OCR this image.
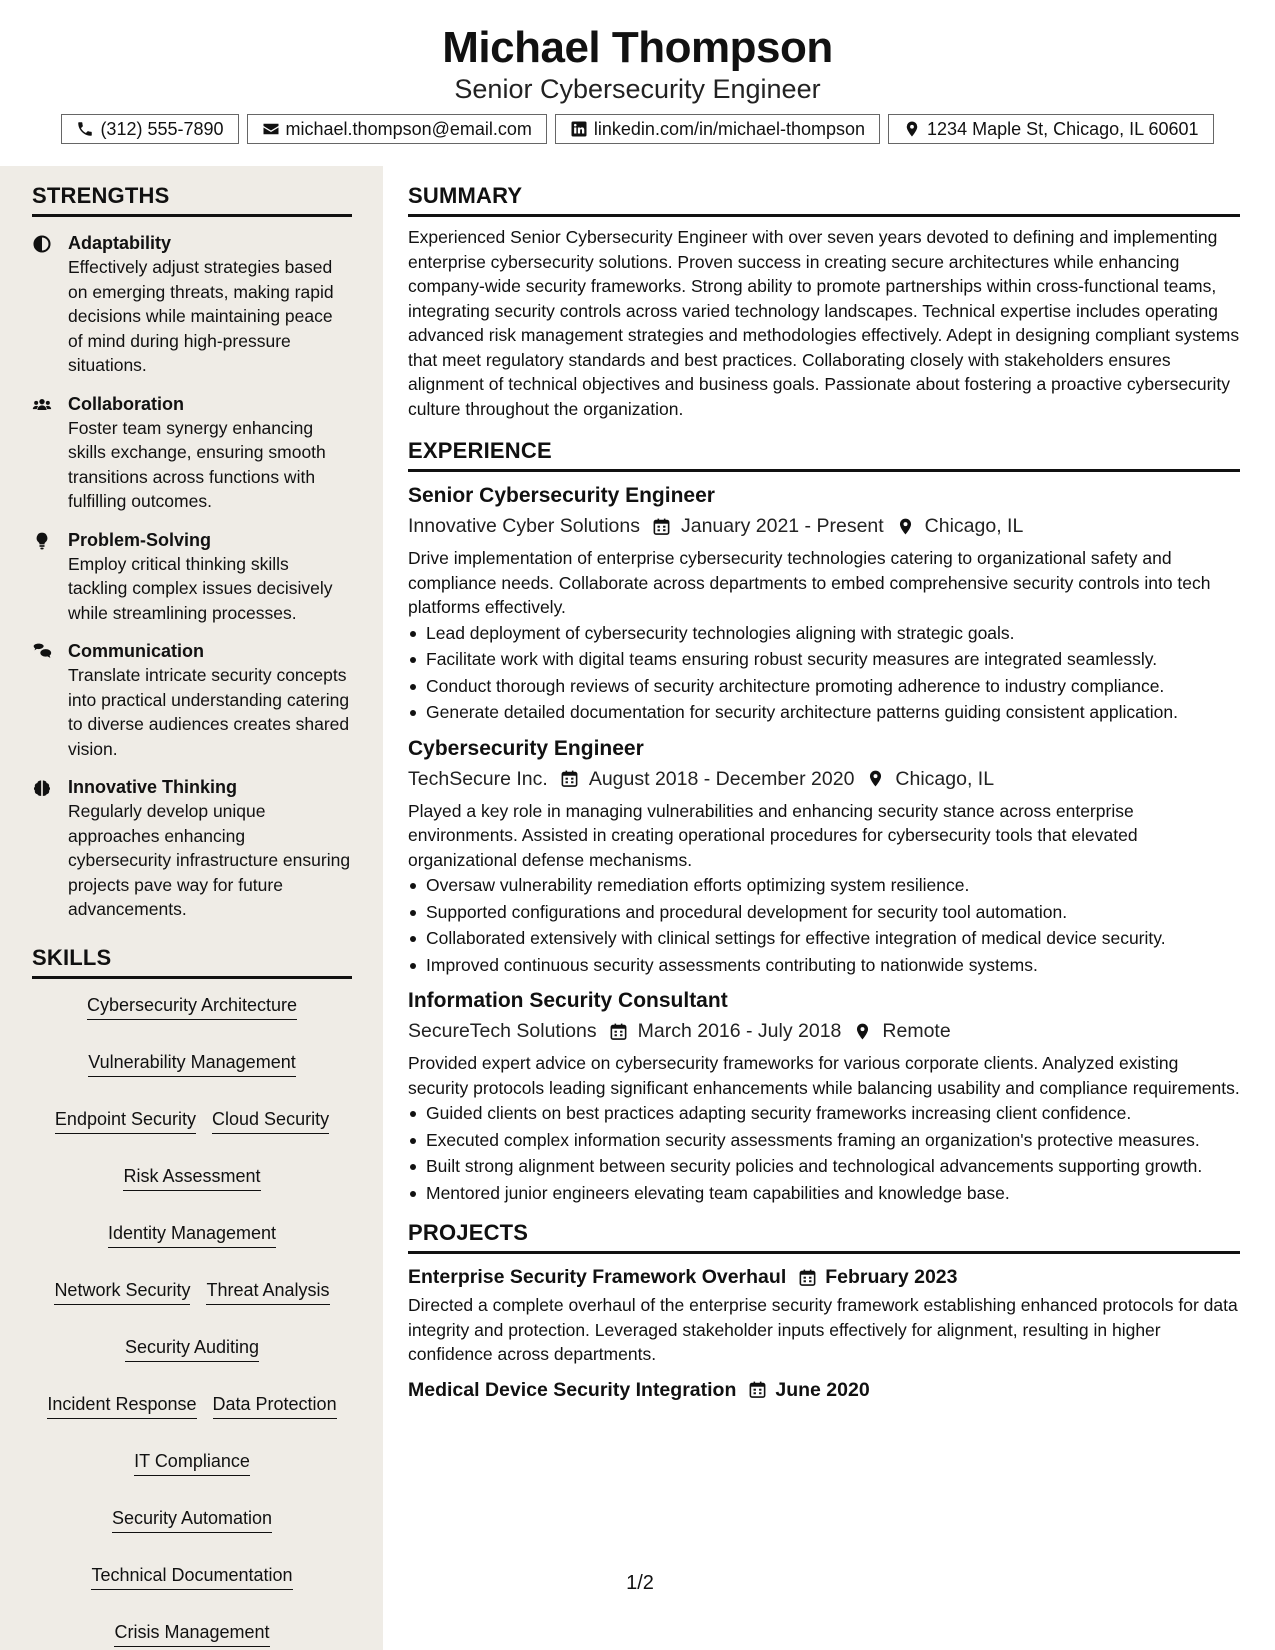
Michael Thompson
Senior Cybersecurity Engineer
(312) 555-7890	michael.thompson@email.com	linkedin.com/in/michael-thompson	1234 Maple St, Chicago, IL 60601
STRENGTHS
Adaptability
Effectively adjust strategies based on emerging threats, making rapid decisions while maintaining peace of mind during high-pressure situations.
Collaboration
Foster team synergy enhancing skills exchange, ensuring smooth transitions across functions with fulfilling outcomes.
Problem-Solving
Employ critical thinking skills tackling complex issues decisively while streamlining processes.
Communication
Translate intricate security concepts into practical understanding catering to diverse audiences creates shared vision.
Innovative Thinking
Regularly develop unique approaches enhancing cybersecurity infrastructure ensuring projects pave way for future advancements.
SKILLS
Cybersecurity Architecture
Vulnerability Management
Endpoint Security Cloud Security
Risk Assessment
Identity Management
Network Security Threat Analysis
Security Auditing
Incident Response Data Protection
IT Compliance
Security Automation
Technical Documentation
Crisis Management
SUMMARY
Experienced Senior Cybersecurity Engineer with over seven years devoted to defining and implementing enterprise cybersecurity solutions. Proven success in creating secure architectures while enhancing company-wide security frameworks. Strong ability to promote partnerships within cross-functional teams, integrating security controls across varied technology landscapes. Technical expertise includes operating advanced risk management strategies and methodologies effectively. Adept in designing compliant systems that meet regulatory standards and best practices. Collaborating closely with stakeholders ensures alignment of technical objectives and business goals. Passionate about fostering a proactive cybersecurity culture throughout the organization.
EXPERIENCE
Senior Cybersecurity Engineer
Innovative Cyber Solutions January 2021 - Present Chicago, IL
Drive implementation of enterprise cybersecurity technologies catering to organizational safety and compliance needs. Collaborate across departments to embed comprehensive security controls into tech platforms effectively.
Lead deployment of cybersecurity technologies aligning with strategic goals.
Facilitate work with digital teams ensuring robust security measures are integrated seamlessly.
Conduct thorough reviews of security architecture promoting adherence to industry compliance.
Generate detailed documentation for security architecture patterns guiding consistent application.
Cybersecurity Engineer
TechSecure Inc. August 2018 - December 2020 Chicago, IL
Played a key role in managing vulnerabilities and enhancing security stance across enterprise environments. Assisted in creating operational procedures for cybersecurity tools that elevated organizational defense mechanisms.
Oversaw vulnerability remediation efforts optimizing system resilience.
Supported configurations and procedural development for security tool automation.
Collaborated extensively with clinical settings for effective integration of medical device security.
Improved continuous security assessments contributing to nationwide systems.
Information Security Consultant
SecureTech Solutions March 2016 - July 2018 Remote
Provided expert advice on cybersecurity frameworks for various corporate clients. Analyzed existing security protocols leading significant enhancements while balancing usability and compliance requirements.
Guided clients on best practices adapting security frameworks increasing client confidence.
Executed complex information security assessments framing an organization's protective measures.
Built strong alignment between security policies and technological advancements supporting growth.
Mentored junior engineers elevating team capabilities and knowledge base.
PROJECTS
Enterprise Security Framework Overhaul February 2023
Directed a complete overhaul of the enterprise security framework establishing enhanced protocols for data integrity and protection. Leveraged stakeholder inputs effectively for alignment, resulting in higher confidence across departments.
Medical Device Security Integration June 2020
1/2
